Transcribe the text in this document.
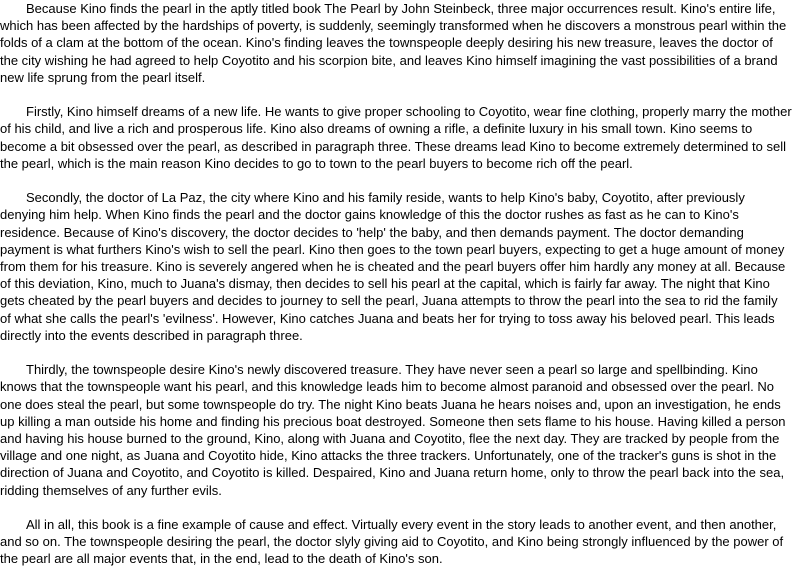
Because Kino finds the pearl in the aptly titled book The Pearl by John Steinbeck, three major occurrences result. Kino's entire life, which has been affected by the hardships of poverty, is suddenly, seemingly transformed when he discovers a monstrous pearl within the folds of a clam at the bottom of the ocean. Kino's finding leaves the townspeople deeply desiring his new treasure, leaves the doctor of the city wishing he had agreed to help Coyotito and his scorpion bite, and leaves Kino himself imagining the vast possibilities of a brand new life sprung from the pearl itself.

Firstly, Kino himself dreams of a new life. He wants to give proper schooling to Coyotito, wear fine clothing, properly marry the mother of his child, and live a rich and prosperous life. Kino also dreams of owning a rifle, a definite luxury in his small town. Kino seems to become a bit obsessed over the pearl, as described in paragraph three. These dreams lead Kino to become extremely determined to sell the pearl, which is the main reason Kino decides to go to town to the pearl buyers to become rich off the pearl.

Secondly, the doctor of La Paz, the city where Kino and his family reside, wants to help Kino's baby, Coyotito, after previously denying him help. When Kino finds the pearl and the doctor gains knowledge of this the doctor rushes as fast as he can to Kino's residence. Because of Kino's discovery, the doctor decides to 'help' the baby, and then demands payment. The doctor demanding payment is what furthers Kino's wish to sell the pearl. Kino then goes to the town pearl buyers, expecting to get a huge amount of money from them for his treasure. Kino is severely angered when he is cheated and the pearl buyers offer him hardly any money at all. Because of this deviation, Kino, much to Juana's dismay, then decides to sell his pearl at the capital, which is fairly far away. The night that Kino gets cheated by the pearl buyers and decides to journey to sell the pearl, Juana attempts to throw the pearl into the sea to rid the family of what she calls the pearl's 'evilness'. However, Kino catches Juana and beats her for trying to toss away his beloved pearl. This leads directly into the events described in paragraph three.

Thirdly, the townspeople desire Kino's newly discovered treasure. They have never seen a pearl so large and spellbinding. Kino knows that the townspeople want his pearl, and this knowledge leads him to become almost paranoid and obsessed over the pearl. No one does steal the pearl, but some townspeople do try. The night Kino beats Juana he hears noises and, upon an investigation, he ends up killing a man outside his home and finding his precious boat destroyed. Someone then sets flame to his house. Having killed a person and having his house burned to the ground, Kino, along with Juana and Coyotito, flee the next day. They are tracked by people from the village and one night, as Juana and Coyotito hide, Kino attacks the three trackers. Unfortunately, one of the tracker's guns is shot in the direction of Juana and Coyotito, and Coyotito is killed. Despaired, Kino and Juana return home, only to throw the pearl back into the sea, ridding themselves of any further evils.

All in all, this book is a fine example of cause and effect. Virtually every event in the story leads to another event, and then another, and so on. The townspeople desiring the pearl, the doctor slyly giving aid to Coyotito, and Kino being strongly influenced by the power of the pearl are all major events that, in the end, lead to the death of Kino's son.
